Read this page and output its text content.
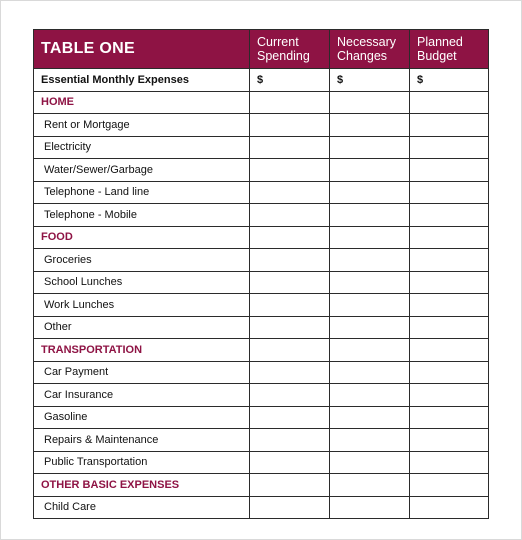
TABLE ONE	Current Spending	Necessary Changes	Planned Budget
Essential Monthly Expenses	$	$	$
HOME			
Rent or Mortgage			
Electricity			
Water/Sewer/Garbage			
Telephone - Land line			
Telephone - Mobile			
FOOD			
Groceries			
School Lunches			
Work Lunches			
Other			
TRANSPORTATION			
Car Payment			
Car Insurance			
Gasoline			
Repairs & Maintenance			
Public Transportation			
OTHER BASIC EXPENSES			
Child Care			
